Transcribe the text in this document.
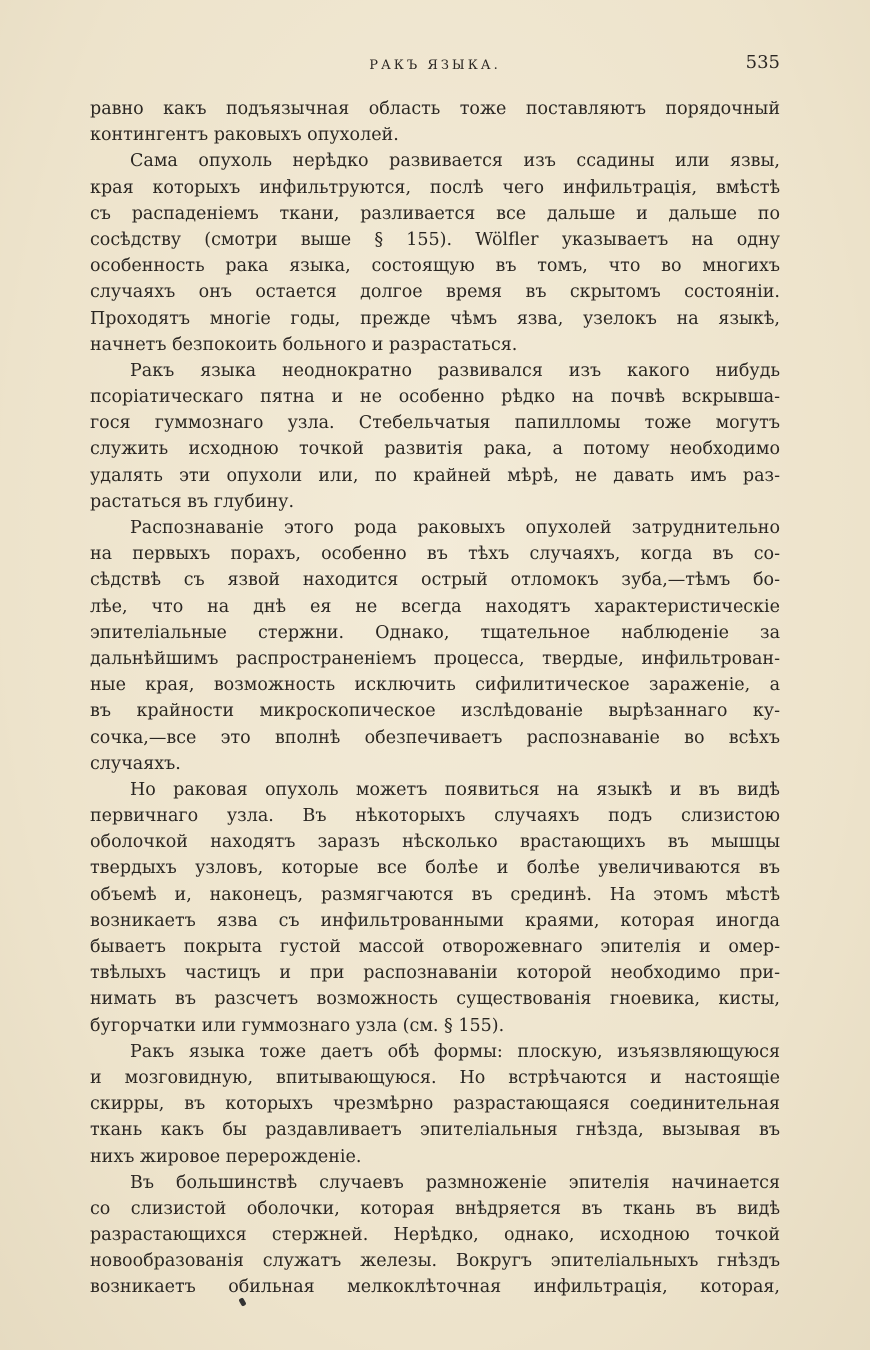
РАКЪ ЯЗЫКА.	535
равно какъ подъязычная область тоже поставляютъ порядочный
контингентъ раковыхъ опухолей.
Сама опухоль нерѣдко развивается изъ ссадины или язвы,
края которыхъ инфильтруются, послѣ чего инфильтрація, вмѣстѣ
съ распаденіемъ ткани, разливается все дальше и дальше по
сосѣдству (смотри выше § 155). Wölfler указываетъ на одну
особенность рака языка, состоящую въ томъ, что во многихъ
случаяхъ онъ остается долгое время въ скрытомъ состояніи.
Проходятъ многіе годы, прежде чѣмъ язва, узелокъ на языкѣ,
начнетъ безпокоить больного и разрастаться.
Ракъ языка неоднократно развивался изъ какого нибудь
псоріатическаго пятна и не особенно рѣдко на почвѣ вскрывша-
гося гуммознаго узла. Стебельчатыя папилломы тоже могутъ
служить исходною точкой развитія рака, а потому необходимо
удалять эти опухоли или, по крайней мѣрѣ, не давать имъ раз-
растаться въ глубину.
Распознаваніе этого рода раковыхъ опухолей затруднительно
на первыхъ порахъ, особенно въ тѣхъ случаяхъ, когда въ со-
сѣдствѣ съ язвой находится острый отломокъ зуба,—тѣмъ бо-
лѣе, что на днѣ ея не всегда находятъ характеристическіе
эпителіальные стержни. Однако, тщательное наблюденіе за
дальнѣйшимъ распространеніемъ процесса, твердые, инфильтрован-
ные края, возможность исключить сифилитическое зараженіе, а
въ крайности микроскопическое изслѣдованіе вырѣзаннаго ку-
сочка,—все это вполнѣ обезпечиваетъ распознаваніе во всѣхъ
случаяхъ.
Но раковая опухоль можетъ появиться на языкѣ и въ видѣ
первичнаго узла. Въ нѣкоторыхъ случаяхъ подъ слизистою
оболочкой находятъ заразъ нѣсколько врастающихъ въ мышцы
твердыхъ узловъ, которые все болѣе и болѣе увеличиваются въ
объемѣ и, наконецъ, размягчаются въ срединѣ. На этомъ мѣстѣ
возникаетъ язва съ инфильтрованными краями, которая иногда
бываетъ покрыта густой массой отворожевнаго эпителія и омер-
твѣлыхъ частицъ и при распознаваніи которой необходимо при-
нимать въ разсчетъ возможность существованія гноевика, кисты,
бугорчатки или гуммознаго узла (см. § 155).
Ракъ языка тоже даетъ обѣ формы: плоскую, изъязвляющуюся
и мозговидную, впитывающуюся. Но встрѣчаются и настоящіе
скирры, въ которыхъ чрезмѣрно разрастающаяся соединительная
ткань какъ бы раздавливаетъ эпителіальныя гнѣзда, вызывая въ
нихъ жировое перерожденіе.
Въ большинствѣ случаевъ размноженіе эпителія начинается
со слизистой оболочки, которая внѣдряется въ ткань въ видѣ
разрастающихся стержней. Нерѣдко, однако, исходною точкой
новообразованія служатъ железы. Вокругъ эпителіальныхъ гнѣздъ
возникаетъ обильная мелкоклѣточная инфильтрація, которая,
